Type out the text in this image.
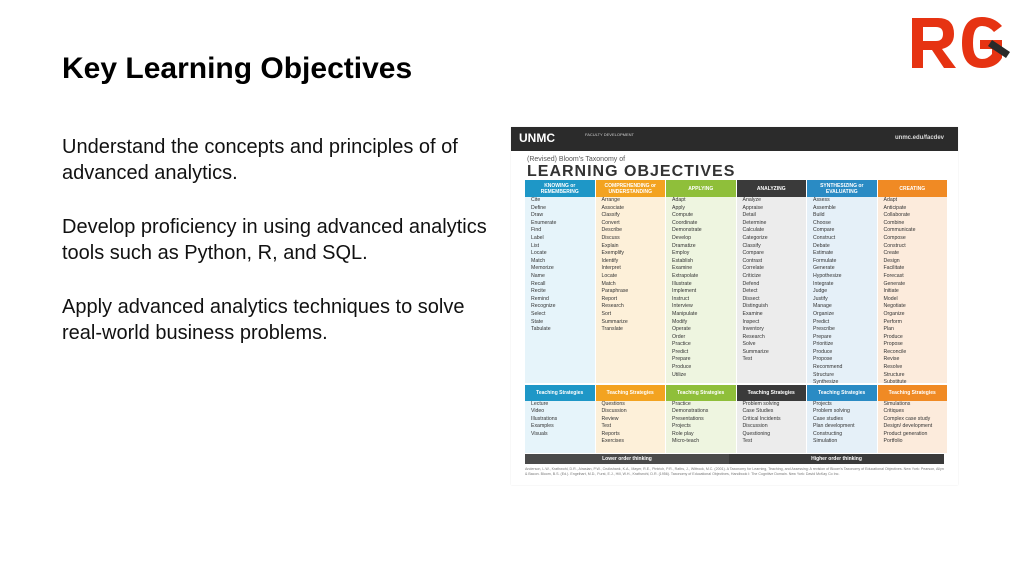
Key Learning Objectives
Understand the concepts and principles of of advanced analytics.
Develop proficiency in using advanced analytics tools such as Python, R, and SQL.
Apply advanced analytics techniques to solve real-world business problems.
UNMC	FACULTY DEVELOPMENT
unmc.edu/facdev
(Revised) Bloom's Taxonomy of
LEARNING OBJECTIVES
KNOWING or REMEMBERING
Cite
Define
Draw
Enumerate
Find
Label
List
Locate
Match
Memorize
Name
Recall
Recite
Remind
Recognize
Select
State
Tabulate
Teaching Strategies
Lecture
Video
Illustrations
Examples
Visuals
COMPREHENDING or UNDERSTANDING
Arrange
Associate
Classify
Convert
Describe
Discuss
Explain
Exemplify
Identify
Interpret
Locate
Match
Paraphrase
Report
Research
Sort
Summarize
Translate
Teaching Strategies
Questions
Discussion
Review
Test
Reports
Exercises
APPLYING
Adapt
Apply
Compute
Coordinate
Demonstrate
Develop
Dramatize
Employ
Establish
Examine
Extrapolate
Illustrate
Implement
Instruct
Interview
Manipulate
Modify
Operate
Order
Practice
Predict
Prepare
Produce
Utilize
Teaching Strategies
Practice
Demonstrations
Presentations
Projects
Role play
Micro-teach
ANALYZING
Analyze
Appraise
Detail
Determine
Calculate
Categorize
Classify
Compare
Contrast
Correlate
Criticize
Defend
Detect
Dissect
Distinguish
Examine
Inspect
Inventory
Research
Solve
Summarize
Test
Teaching Strategies
Problem solving
Case Studies
Critical Incidents
Discussion
Questioning
Test
SYNTHESIZING or EVALUATING
Assess
Assemble
Build
Choose
Compare
Construct
Debate
Estimate
Formulate
Generate
Hypothesize
Integrate
Judge
Justify
Manage
Organize
Predict
Prescribe
Prepare
Prioritize
Produce
Propose
Recommend
Structure
Synthesize
Teaching Strategies
Projects
Problem solving
Case studies
Plan development
Constructing
Simulation
CREATING
Adapt
Anticipate
Collaborate
Combine
Communicate
Compose
Construct
Create
Design
Facilitate
Forecast
Generate
Initiate
Model
Negotiate
Organize
Perform
Plan
Produce
Propose
Reconcile
Revise
Resolve
Structure
Substitute
Teaching Strategies
Simulations
Critiques
Complex case study
Design/ development
Product generation
Portfolio
Lower order thinking	Higher order thinking
Anderson, L.W., Krathwohl, D.R., Airasian, P.W., Cruikshank, K.A., Mayer, R.E., Pintrich, P.R., Raths, J., Wittrock, M.C. (2001). A Taxonomy for Learning, Teaching, and Assessing: A revision of Bloom's Taxonomy of Educational Objectives. New York: Pearson, Allyn & Bacon. Bloom, B.S. (Ed.). Engelhart, M.D., Furst, E.J., Hill, W.H., Krathwohl, D.R. (1956). Taxonomy of Educational Objectives, Handbook I: The Cognitive Domain. New York: David McKay Co Inc.
